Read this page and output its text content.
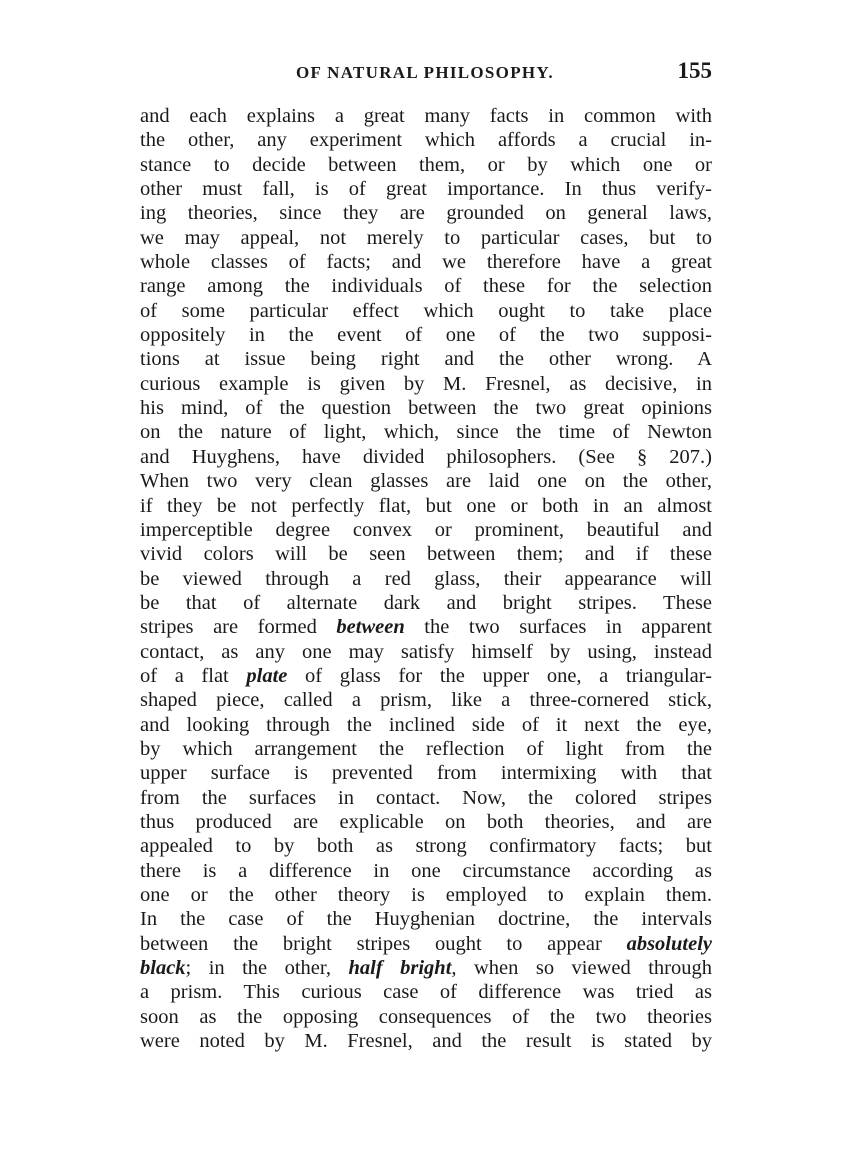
OF NATURAL PHILOSOPHY.	155
and each explains a great many facts in common with
the other, any experiment which affords a crucial in-
stance to decide between them, or by which one or
other must fall, is of great importance. In thus verify-
ing theories, since they are grounded on general laws,
we may appeal, not merely to particular cases, but to
whole classes of facts; and we therefore have a great
range among the individuals of these for the selection
of some particular effect which ought to take place
oppositely in the event of one of the two supposi-
tions at issue being right and the other wrong. A
curious example is given by M. Fresnel, as decisive, in
his mind, of the question between the two great opinions
on the nature of light, which, since the time of Newton
and Huyghens, have divided philosophers. (See § 207.)
When two very clean glasses are laid one on the other,
if they be not perfectly flat, but one or both in an almost
imperceptible degree convex or prominent, beautiful and
vivid colors will be seen between them; and if these
be viewed through a red glass, their appearance will
be that of alternate dark and bright stripes. These
stripes are formed between the two surfaces in apparent
contact, as any one may satisfy himself by using, instead
of a flat plate of glass for the upper one, a triangular-
shaped piece, called a prism, like a three-cornered stick,
and looking through the inclined side of it next the eye,
by which arrangement the reflection of light from the
upper surface is prevented from intermixing with that
from the surfaces in contact. Now, the colored stripes
thus produced are explicable on both theories, and are
appealed to by both as strong confirmatory facts; but
there is a difference in one circumstance according as
one or the other theory is employed to explain them.
In the case of the Huyghenian doctrine, the intervals
between the bright stripes ought to appear absolutely
black; in the other, half bright, when so viewed through
a prism. This curious case of difference was tried as
soon as the opposing consequences of the two theories
were noted by M. Fresnel, and the result is stated by
